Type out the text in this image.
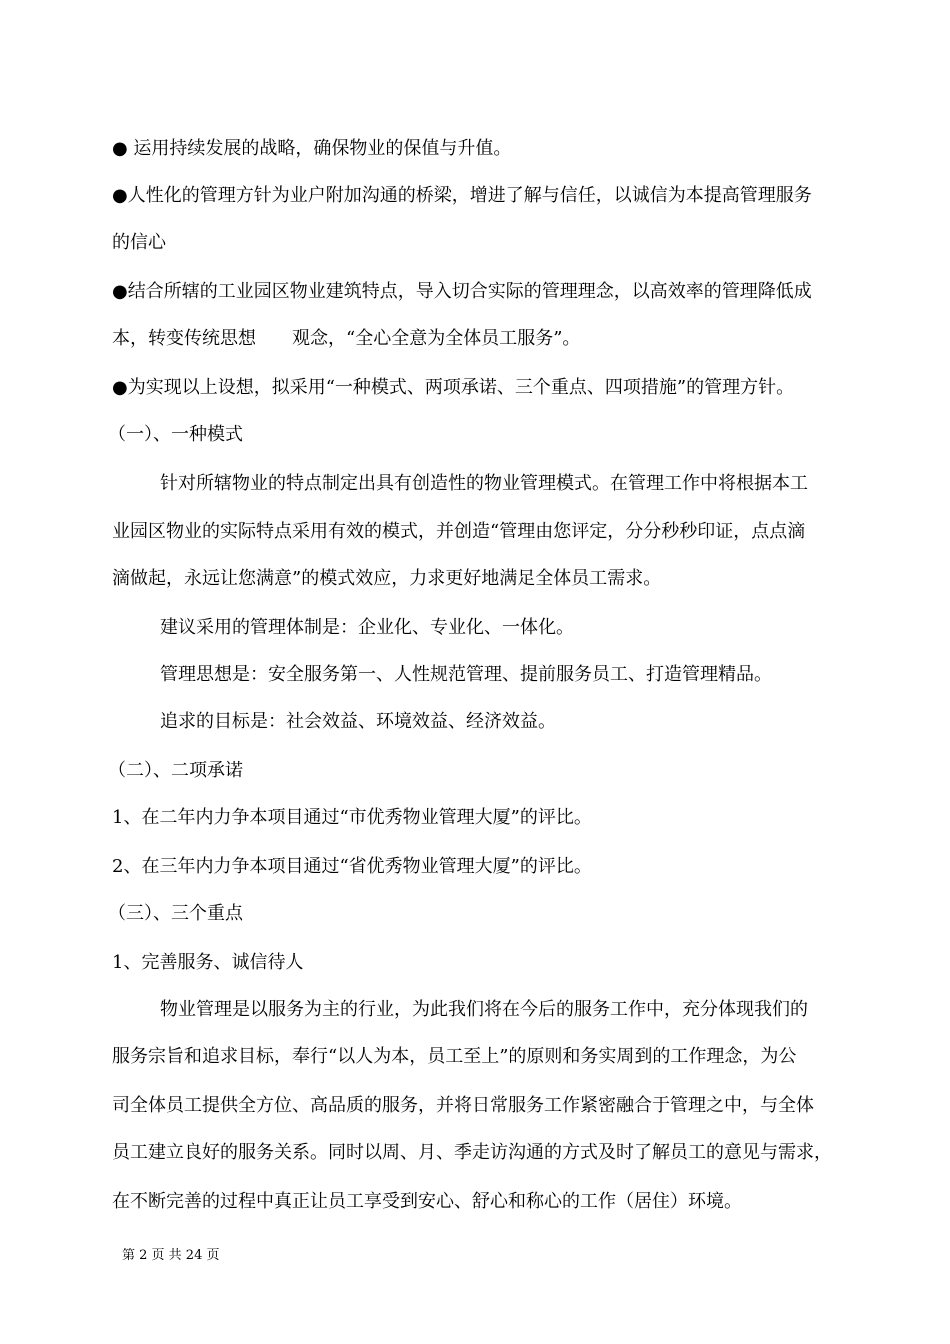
● 运用持续发展的战略，确保物业的保值与升值。
●人性化的管理方针为业户附加沟通的桥梁，增进了解与信任，以诚信为本提高管理服务
的信心
●结合所辖的工业园区物业建筑特点，导入切合实际的管理理念，以高效率的管理降低成
本，转变传统思想　　观念，“全心全意为全体员工服务”。
●为实现以上设想，拟采用“一种模式、两项承诺、三个重点、四项措施”的管理方针。
（一）、一种模式
针对所辖物业的特点制定出具有创造性的物业管理模式。在管理工作中将根据本工
业园区物业的实际特点采用有效的模式，并创造“管理由您评定，分分秒秒印证，点点滴
滴做起，永远让您满意”的模式效应，力求更好地满足全体员工需求。
建议采用的管理体制是：企业化、专业化、一体化。
管理思想是：安全服务第一、人性规范管理、提前服务员工、打造管理精品。
追求的目标是：社会效益、环境效益、经济效益。
（二）、二项承诺
1、在二年内力争本项目通过“市优秀物业管理大厦”的评比。
2、在三年内力争本项目通过“省优秀物业管理大厦”的评比。
（三）、三个重点
1、完善服务、诚信待人
物业管理是以服务为主的行业，为此我们将在今后的服务工作中，充分体现我们的
服务宗旨和追求目标，奉行“以人为本，员工至上”的原则和务实周到的工作理念，为公
司全体员工提供全方位、高品质的服务，并将日常服务工作紧密融合于管理之中，与全体
员工建立良好的服务关系。同时以周、月、季走访沟通的方式及时了解员工的意见与需求，
在不断完善的过程中真正让员工享受到安心、舒心和称心的工作（居住）环境。
第 2 页 共 24 页
